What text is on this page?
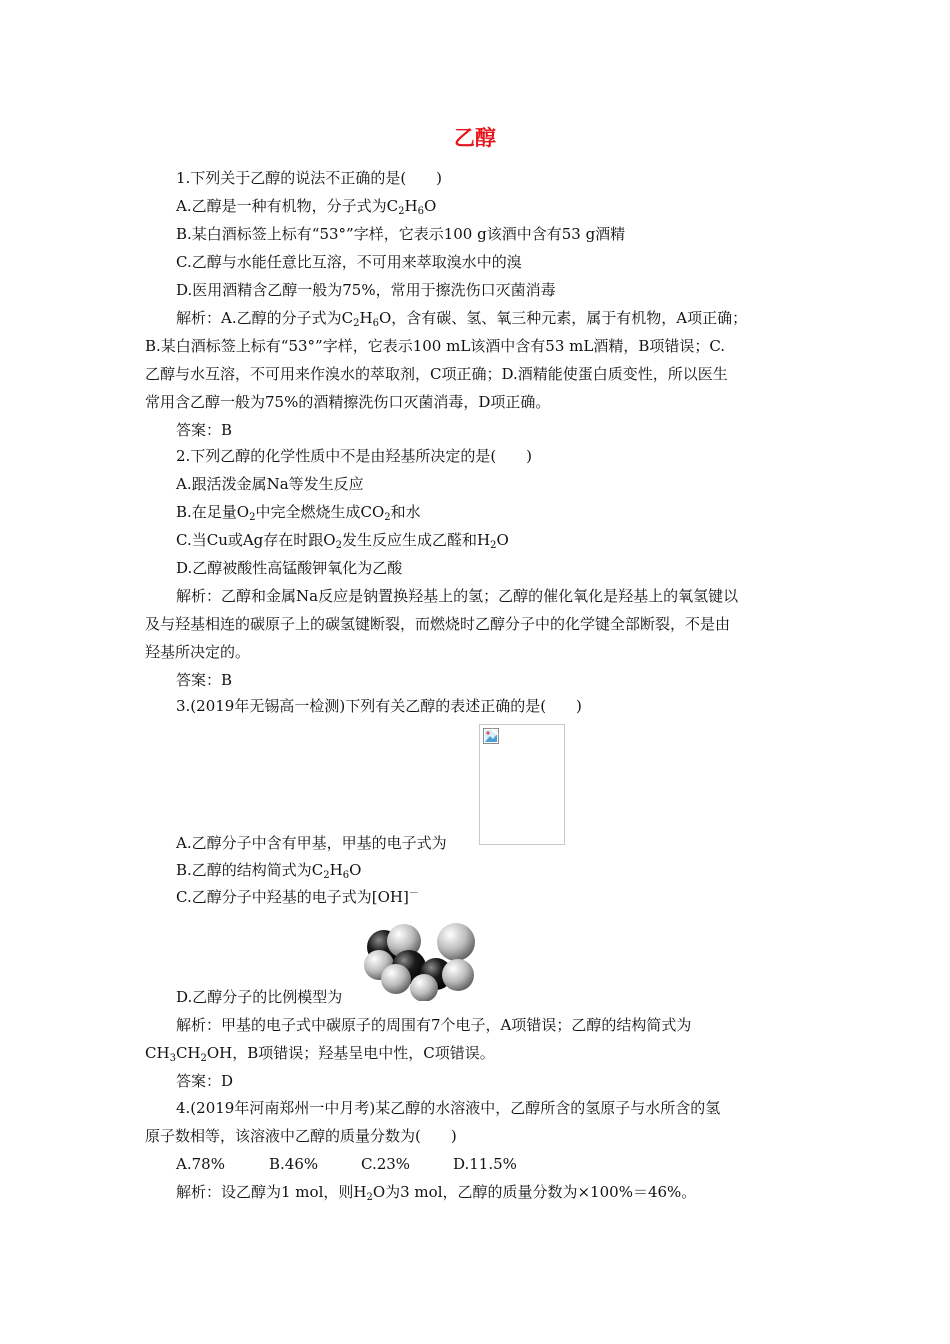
乙醇
1.下列关于乙醇的说法不正确的是(　　)
A.乙醇是一种有机物，分子式为$C_2H_6O$
B.某白酒标签上标有“53°”字样，它表示100 g该酒中含有53 g酒精
C.乙醇与水能任意比互溶，不可用来萃取溴水中的溴
D.医用酒精含乙醇一般为75%，常用于擦洗伤口灭菌消毒
解析：A.乙醇的分子式为$C_2H_6O$，含有碳、氢、氧三种元素，属于有机物，A项正确；
B.某白酒标签上标有“53°”字样，它表示100 mL该酒中含有53 mL酒精，B项错误；C.
乙醇与水互溶，不可用来作溴水的萃取剂，C项正确；D.酒精能使蛋白质变性，所以医生
常用含乙醇一般为75%的酒精擦洗伤口灭菌消毒，D项正确。
答案：B
2.下列乙醇的化学性质中不是由羟基所决定的是(　　)
A.跟活泼金属Na等发生反应
B.在足量$O_2$中完全燃烧生成$CO_2$和水
C.当Cu或Ag存在时跟$O_2$发生反应生成乙醛和$H_2O$
D.乙醇被酸性高锰酸钾氧化为乙酸
解析：乙醇和金属Na反应是钠置换羟基上的氢；乙醇的催化氧化是羟基上的氧氢键以
及与羟基相连的碳原子上的碳氢键断裂，而燃烧时乙醇分子中的化学键全部断裂，不是由
羟基所决定的。
答案：B
3.(2019年无锡高一检测)下列有关乙醇的表述正确的是(　　)
A.乙醇分子中含有甲基，甲基的电子式为
B.乙醇的结构简式为$C_2H_6O$
C.乙醇分子中羟基的电子式为[OH]－
D.乙醇分子的比例模型为
解析：甲基的电子式中碳原子的周围有7个电子，A项错误；乙醇的结构简式为
$CH_3CH_2OH$，B项错误；羟基呈电中性，C项错误。
答案：D
4.(2019年河南郑州一中月考)某乙醇的水溶液中，乙醇所含的氢原子与水所含的氢
原子数相等，该溶液中乙醇的质量分数为(　　)
A.78%	B.46%	C.23%	D.11.5%
解析：设乙醇为1 mol，则$H_2O$为3 mol，乙醇的质量分数为×100%＝46%。
